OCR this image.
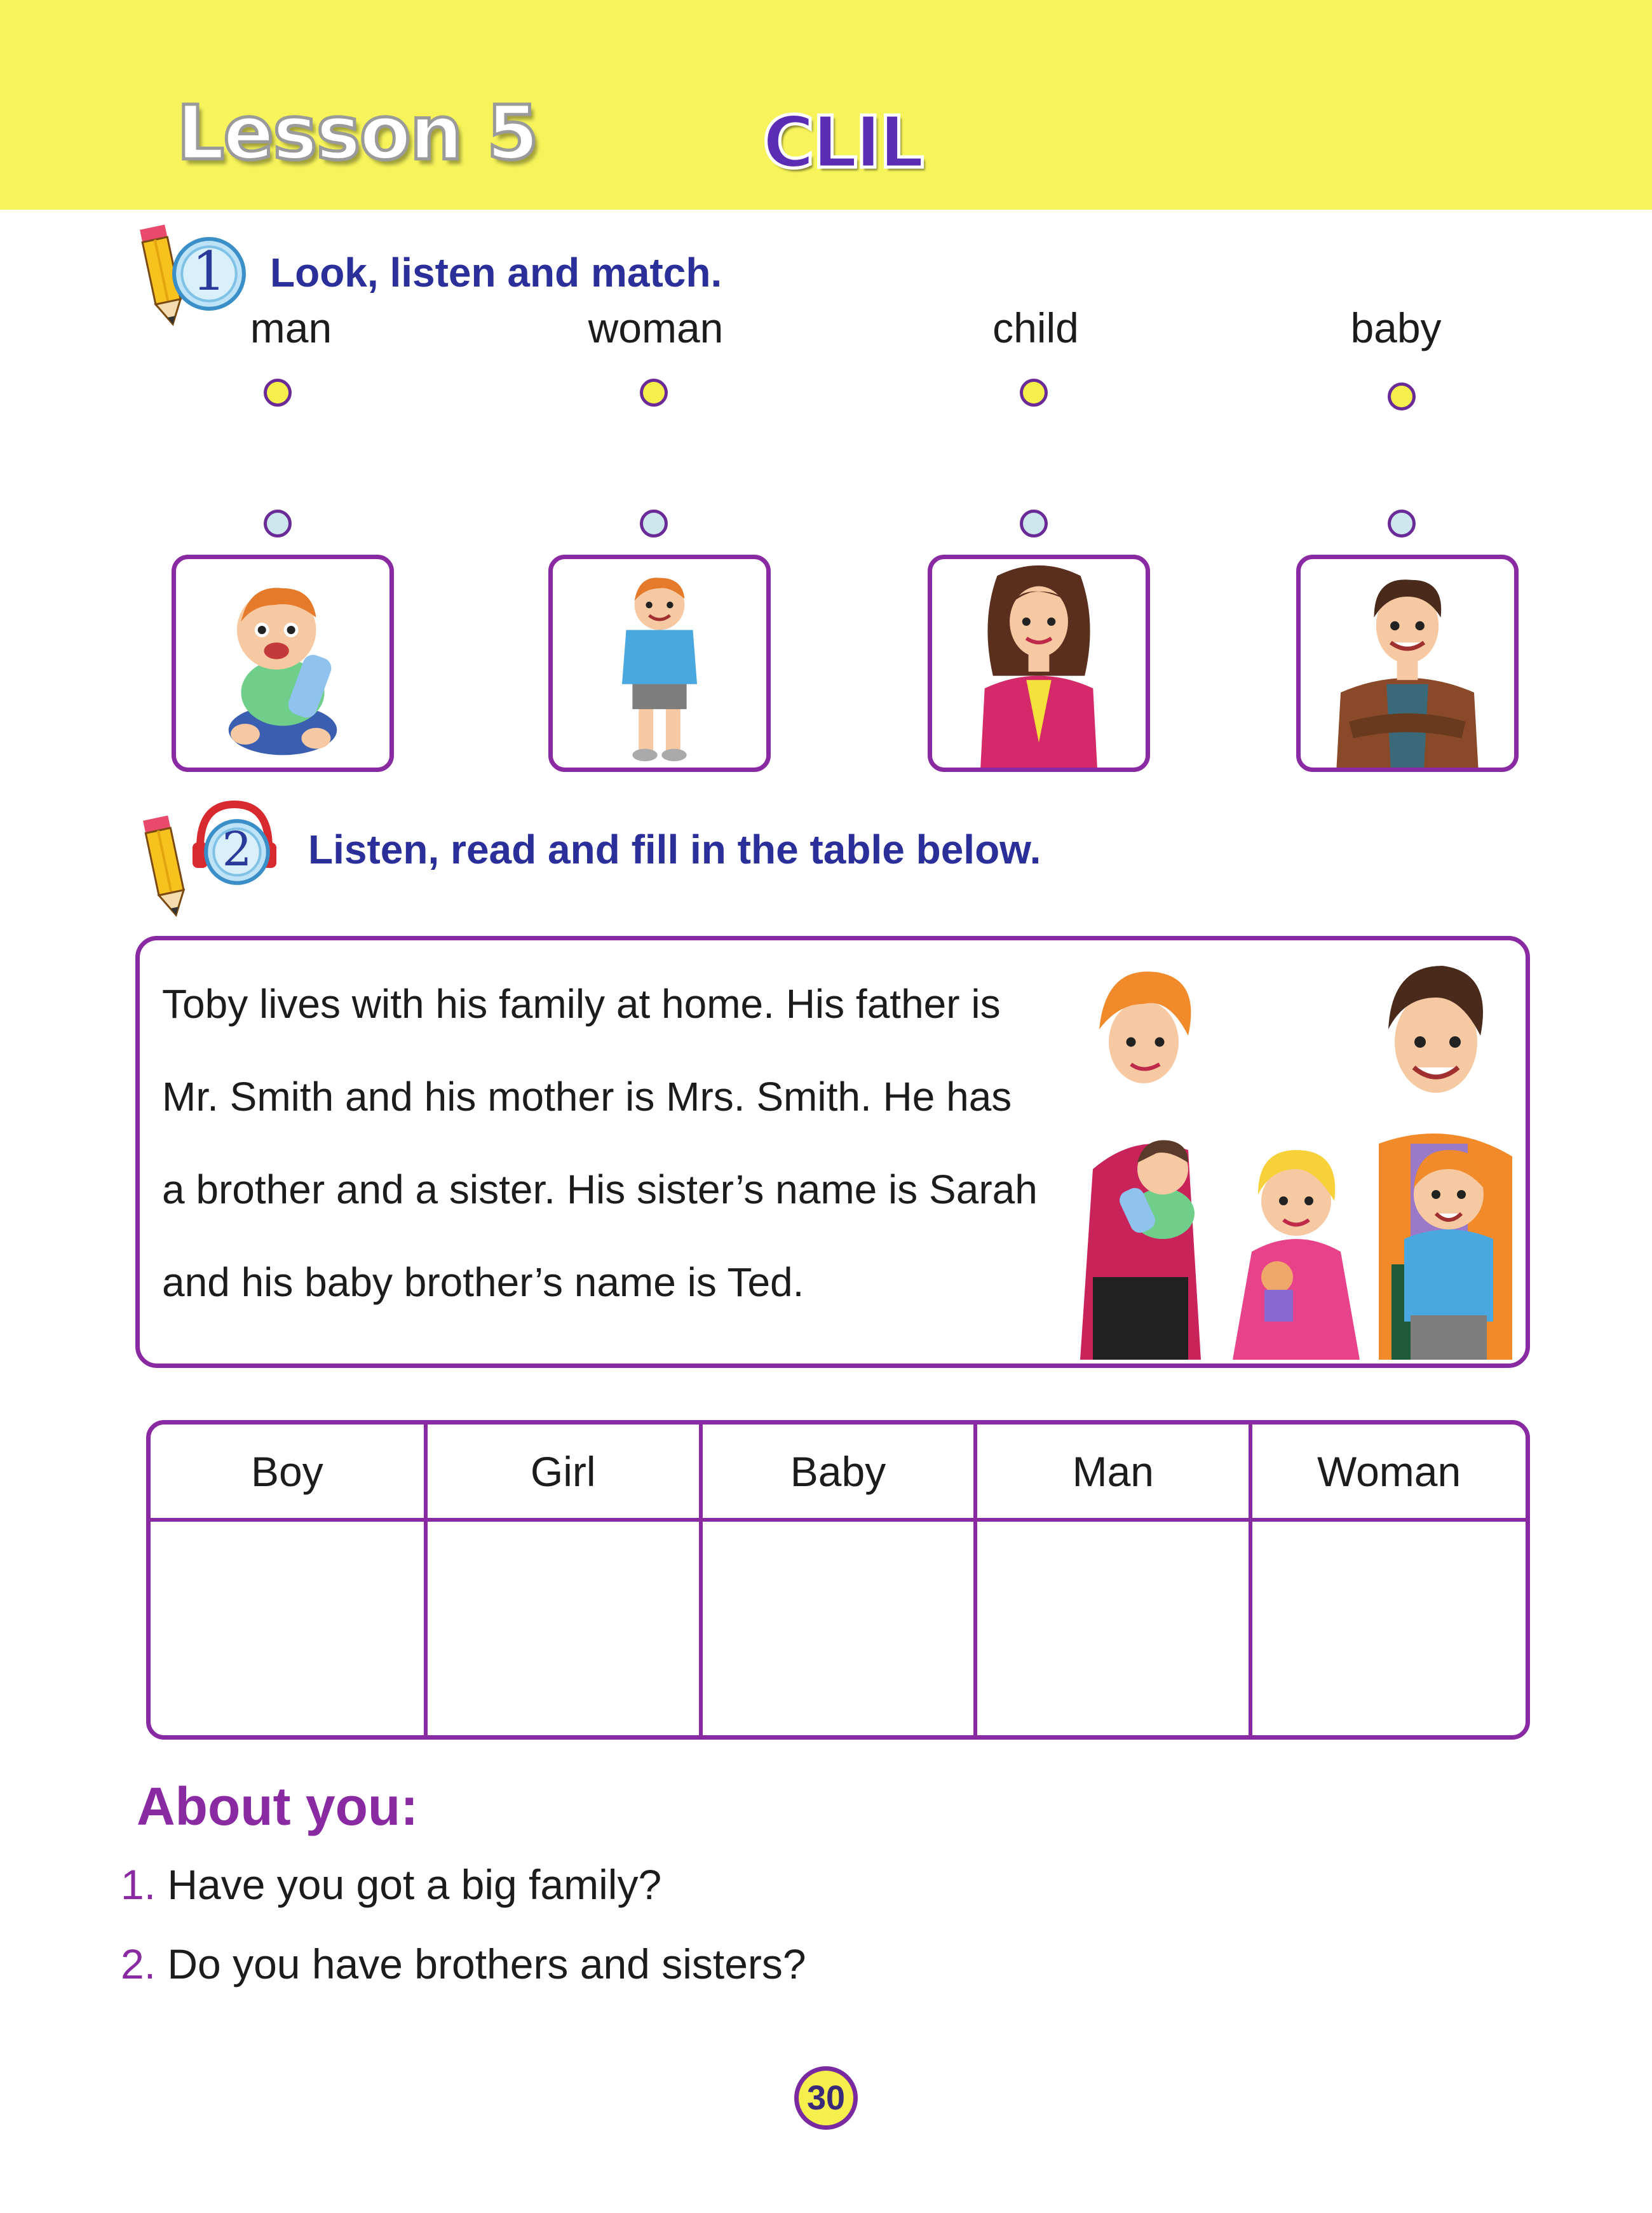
Lesson 5	CLIL
1	Look, listen and match.
man	woman	child	baby
2	Listen, read and fill in the table below.
Toby lives with his family at home. His father is
Mr. Smith and his mother is Mrs. Smith. He has
a brother and a sister. His sister’s name is Sarah
and his baby brother’s name is Ted.
Boy	Girl	Baby	Man	Woman

About you:
1. Have you got a big family?
2. Do you have brothers and sisters?
30
